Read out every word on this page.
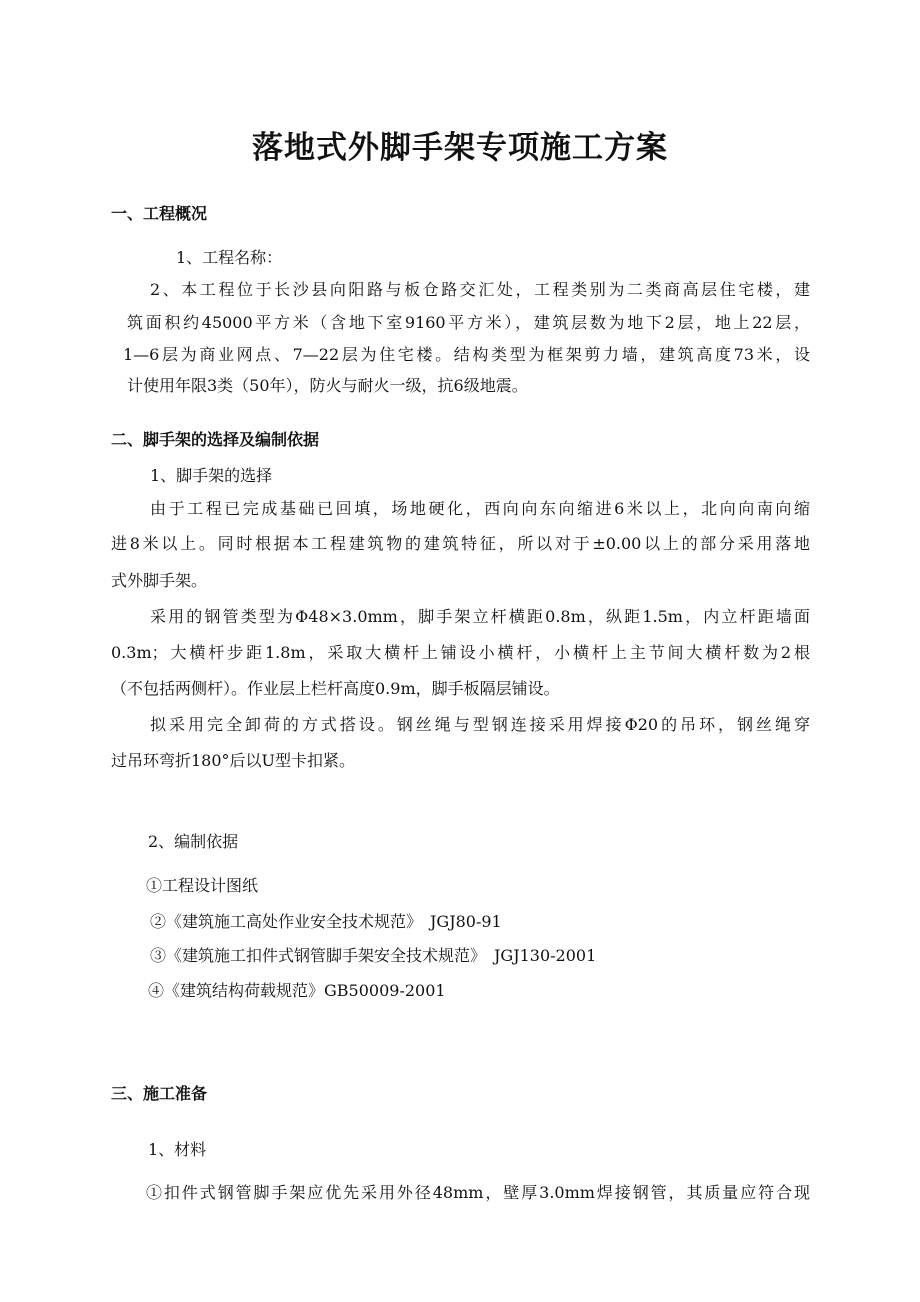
落地式外脚手架专项施工方案
一、工程概况
1、工程名称：
2、本工程位于长沙县向阳路与板仓路交汇处，工程类别为二类商高层住宅楼，建
筑面积约45000平方米（含地下室9160平方米），建筑层数为地下2层，地上22层，
1—6层为商业网点、7—22层为住宅楼。结构类型为框架剪力墙，建筑高度73米，设
计使用年限3类（50年），防火与耐火一级，抗6级地震。
二、脚手架的选择及编制依据
1、脚手架的选择
由于工程已完成基础已回填，场地硬化，西向向东向缩进6米以上，北向向南向缩
进8米以上。同时根据本工程建筑物的建筑特征，所以对于±0.00以上的部分采用落地
式外脚手架。
采用的钢管类型为Φ48×3.0mm，脚手架立杆横距0.8m，纵距1.5m，内立杆距墙面
0.3m；大横杆步距1.8m，采取大横杆上铺设小横杆，小横杆上主节间大横杆数为2根
（不包括两侧杆）。作业层上栏杆高度0.9m，脚手板隔层铺设。
拟采用完全卸荷的方式搭设。钢丝绳与型钢连接采用焊接Φ20的吊环，钢丝绳穿
过吊环弯折180°后以U型卡扣紧。
2、编制依据
①工程设计图纸
②《建筑施工高处作业安全技术规范》　JGJ80-91
③《建筑施工扣件式钢管脚手架安全技术规范》　JGJ130-2001
④《建筑结构荷载规范》GB50009-2001
三、施工准备
1、材料
①扣件式钢管脚手架应优先采用外径48mm，壁厚3.0mm焊接钢管，其质量应符合现
